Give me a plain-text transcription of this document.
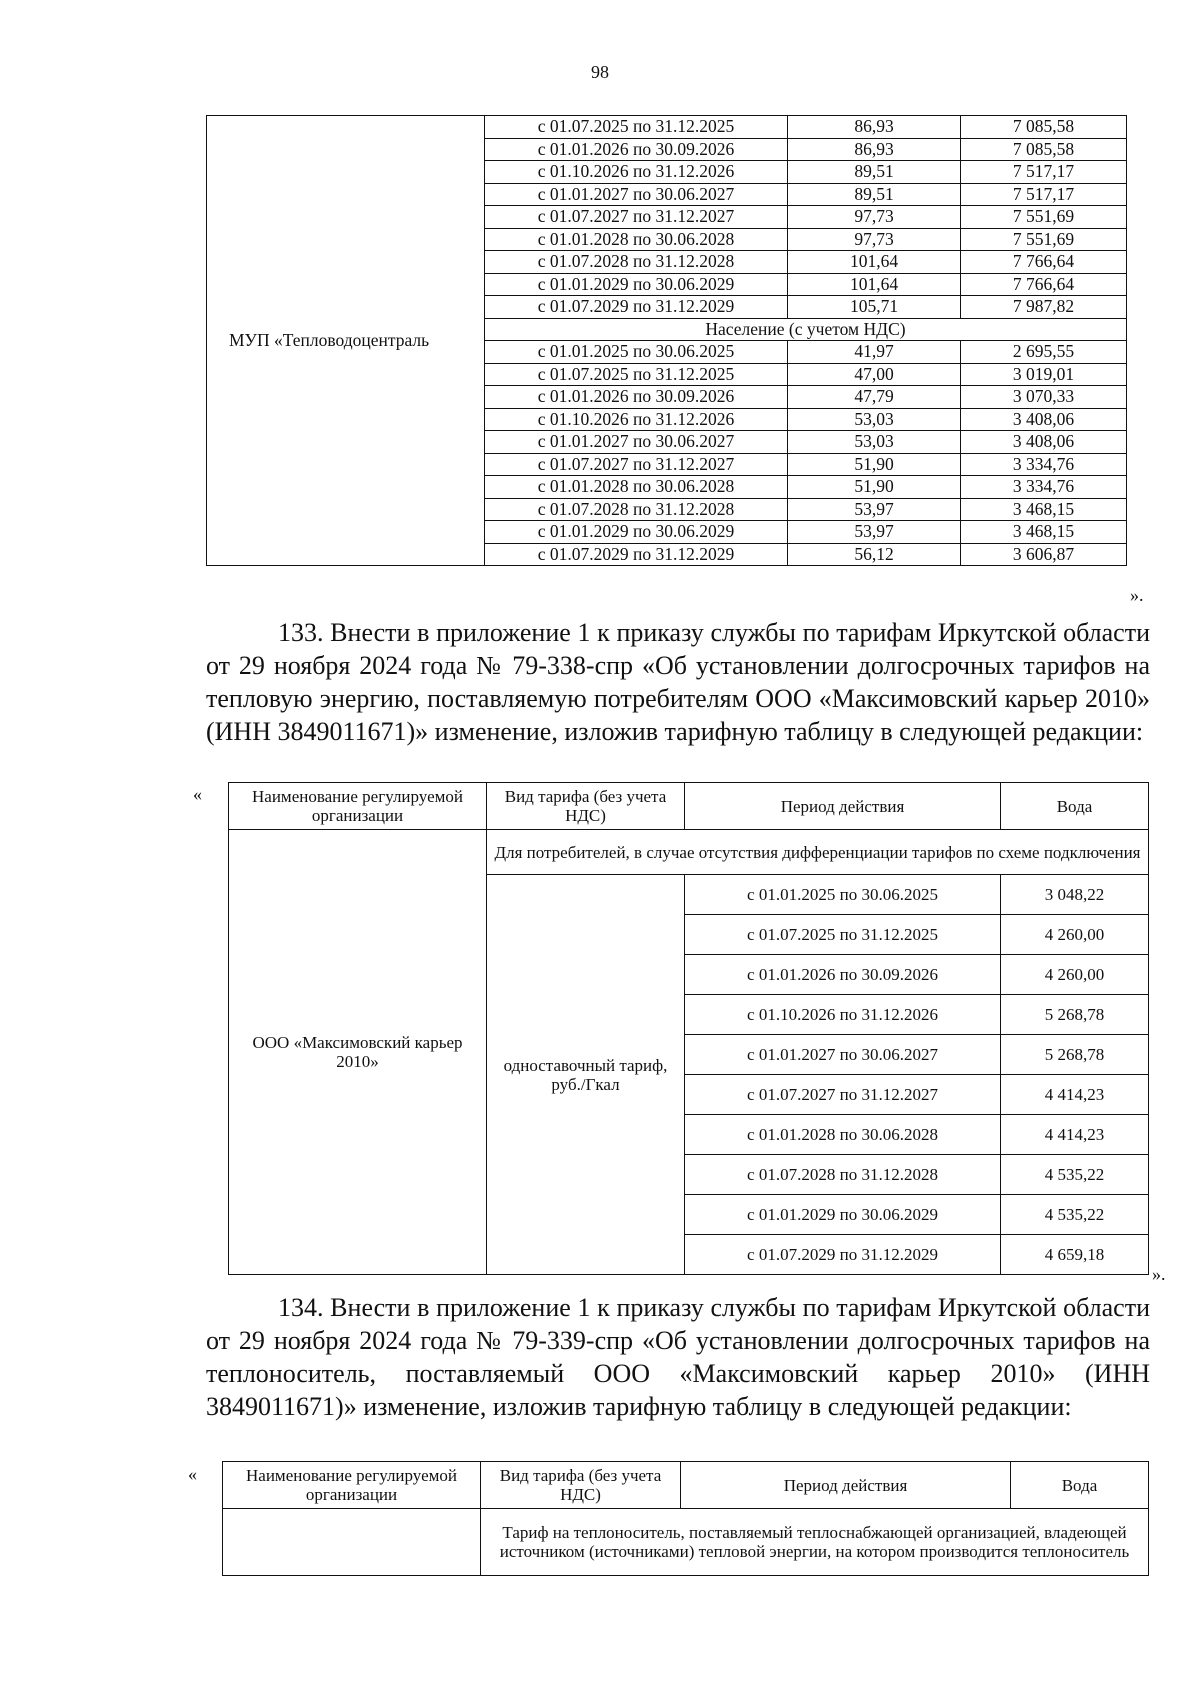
98
МУП «Тепловодоцентраль	с 01.07.2025 по 31.12.2025	86,93	7 085,58
	с 01.01.2026 по 30.09.2026	86,93	7 085,58
	с 01.10.2026 по 31.12.2026	89,51	7 517,17
	с 01.01.2027 по 30.06.2027	89,51	7 517,17
	с 01.07.2027 по 31.12.2027	97,73	7 551,69
	с 01.01.2028 по 30.06.2028	97,73	7 551,69
	с 01.07.2028 по 31.12.2028	101,64	7 766,64
	с 01.01.2029 по 30.06.2029	101,64	7 766,64
	с 01.07.2029 по 31.12.2029	105,71	7 987,82
	Население (с учетом НДС)		
	с 01.01.2025 по 30.06.2025	41,97	2 695,55
	с 01.07.2025 по 31.12.2025	47,00	3 019,01
	с 01.01.2026 по 30.09.2026	47,79	3 070,33
	с 01.10.2026 по 31.12.2026	53,03	3 408,06
	с 01.01.2027 по 30.06.2027	53,03	3 408,06
	с 01.07.2027 по 31.12.2027	51,90	3 334,76
	с 01.01.2028 по 30.06.2028	51,90	3 334,76
	с 01.07.2028 по 31.12.2028	53,97	3 468,15
	с 01.01.2029 по 30.06.2029	53,97	3 468,15
	с 01.07.2029 по 31.12.2029	56,12	3 606,87
».

133. Внести в приложение 1 к приказу службы по тарифам Иркутской области от 29 ноября 2024 года № 79-338-спр «Об установлении долгосрочных тарифов на тепловую энергию, поставляемую потребителям ООО «Максимовский карьер 2010» (ИНН 3849011671)» изменение, изложив тарифную таблицу в следующей редакции:

«	Наименование регулируемой организации	Вид тарифа (без учета НДС)	Период действия	Вода
ООО «Максимовский карьер 2010»	Для потребителей, в случае отсутствия дифференциации тарифов по схеме подключения		
	одноставочный тариф, руб./Гкал	с 01.01.2025 по 30.06.2025	3 048,22
		с 01.07.2025 по 31.12.2025	4 260,00
		с 01.01.2026 по 30.09.2026	4 260,00
		с 01.10.2026 по 31.12.2026	5 268,78
		с 01.01.2027 по 30.06.2027	5 268,78
		с 01.07.2027 по 31.12.2027	4 414,23
		с 01.01.2028 по 30.06.2028	4 414,23
		с 01.07.2028 по 31.12.2028	4 535,22
		с 01.01.2029 по 30.06.2029	4 535,22
		с 01.07.2029 по 31.12.2029	4 659,18
».

134. Внести в приложение 1 к приказу службы по тарифам Иркутской области от 29 ноября 2024 года № 79-339-спр «Об установлении долгосрочных тарифов на теплоноситель, поставляемый ООО «Максимовский карьер 2010» (ИНН 3849011671)» изменение, изложив тарифную таблицу в следующей редакции:

«	Наименование регулируемой организации	Вид тарифа (без учета НДС)	Период действия	Вода
	Тариф на теплоноситель, поставляемый теплоснабжающей организацией, владеющей источником (источниками) тепловой энергии, на котором производится теплоноситель		
